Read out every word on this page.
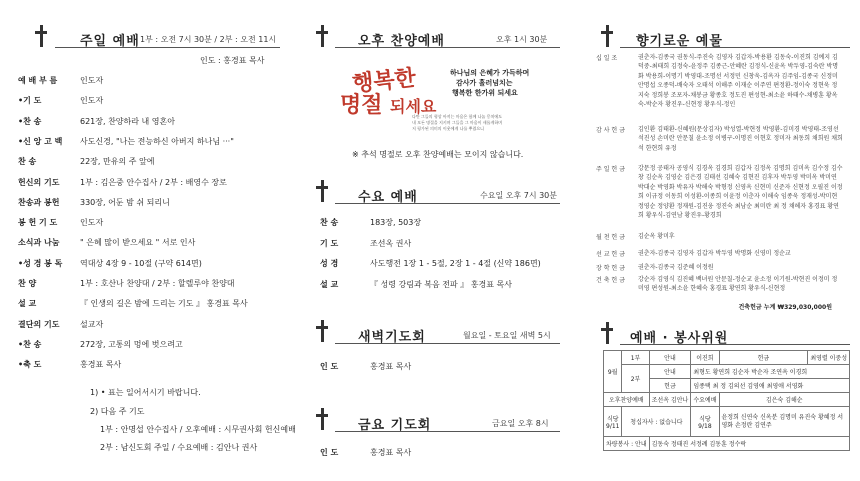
주일 예배 1부 : 오전 7시 30분 / 2부 : 오전 11시
인도 : 홍경표 목사
예 배 부 름	인도자
•기 도	인도자
•찬 송	621장, 찬양하라 내 영혼아
•신 앙 고 백 사도신경, "나는 전능하신 아버지 하나님 ···"
찬 송	22장, 만유의 주 앞에
헌신의 기도	1부 : 김은중 안수집사 / 2부 : 배영수 장로
찬송과 봉헌	330장, 어둔 밤 쉬 되리니
봉 헌 기 도	인도자
소식과 나눔	" 은혜 많이 받으세요 " 서로 인사
•성 경 봉 독 역대상 4장 9 - 10절 (구약 614면)
찬 양	1부 : 호산나 찬양대 / 2부 : 할렐루야 찬양대
설 교	『 인생의 길은 밤에 드리는 기도 』 홍경표 목사
결단의 기도	설교자
•찬 송	272장, 고통의 멍에 벗으려고
•축 도	홍경표 목사
1) • 표는 일어서시기 바랍니다.
2) 다음 주 기도
1부 : 안명섭 안수집사 / 오후예배 : 시무권사회 헌신예배
2부 : 남신도회 주일 / 수요예배 : 김안나 권사
오후 찬양예배	오후 1시 30분
행복한
명절 되세요
하나님의 은혜가 가득하며
감사가 흘러넘치는
행복한 한가위 되세요
다만 그들의 형상 아끼는 마음은 함께 나눕 뭉치에도
내 모든 명절을 지키며 그들을 그 마음이 새롭게하며
저 평가된 의미의 이웃에게 나를 뿌렸으니
※ 추석 명절로 오후 찬양예배는 모이지 않습니다.
수요 예배	수요일 오후 7시 30분
찬 송	183장, 503장
기 도	조선옥 권사
성 경	사도행전 1장 1 - 5절, 2장 1 - 4절 (신약 186면)
설 교	『 성령 강림과 복음 전파 』 홍경표 목사
새벽기도회	월요일 - 토요일 새벽 5시
인 도	홍경표 목사
금요 기도회	금요일 오후 8시
인 도	홍경표 목사
향기로운 예물
십 일 조	권춘자-김종국 권동식-주진숙 김영자 김갑자-박용환 김동숙-이진희 김예지 김덕중-최태희 김정숙-윤정주 김종근-안혜란 김정식-신윤옥 박두영-김숙란 박명화 박용희-이명기 박영대-조명선 서정민 신창욱-김옥자 김주임-김종국 신정미 안명섭 오종덕-배숙자 오태석 이해주 이재순 이주연 편정환-정이숙 정현욱 정지숙 정희봉 조포자-채봉금 황종호 정도진 편성현-최소윤 하태수-채병훈 황옥숙-박순자 황진우-신현정 황우식-정인
감 사 헌 금 김인환 김태환-신혜원(문상김자) 박성열-박현정 박영환-김미경 박영태-조영선 석진성 손미란 안문칠 윤소정 이병구-이명진 이현호 정미자 최동희 채희원 채희석 한현희 유정
주 일 헌 금 강문정 공태자 공영식 김경옥 김경희 김갑자 김정옥 김명희 김미옥 김수정 김수창 김순옥 김영순 김은경 김태선 김혜숙 김현진 김후자 박두영 박미옥 박미연 박대순 박영화 박유자 박해숙 박형정 신영옥 신현미 신준자 신현정 오필진 이정희 이규정 이동희 이성환-이종희 이윤정 이춘자 이해숙 임종욱 정재성-박미현 정영순 정양환 정재원-김진웅 정진숙 최남순 최미란 최 정 채헤자 홍경표 황연희 황우식-김연남 황진우-황경희
월 천 헌 금 김순옥 황미후
선 교 헌 금 권춘자-김종국 김영자 김갑자 박두영 박명화 신영미 정순교
장 학 헌 금 권춘자-김종국 김준혜 이정원
건 축 헌 금 강순자 김영식 김진혜 백녀원 안문칠-정순교 윤소정 이기원-박현진 이정미 정미영 편성원-최소윤 한혜숙 홍경표 황연희 황우식-신현정
건축헌금 누계 ₩329,030,000원
예배 · 봉사위원
9월	1부	안내	이진희	헌금	최영렬 이중성
	2부	안내	최형도 황연희 김순자 박순자 조연옥 이경희		
		헌금	임종택 최 정 김의선 김영애 최영애 서영화		
오후찬양예배		조선옥 김안나	수요예배	김은숙 김해순	
식당 9/11	청십자사 : 없습니다		식당 9/18	윤정희 신연숙 신옥분 김명미 유진숙 황혜정 서영화 손정란 김연주	
차량봉사 : 안내		김동숙 정태진 서정례 김동훈 정수락			
